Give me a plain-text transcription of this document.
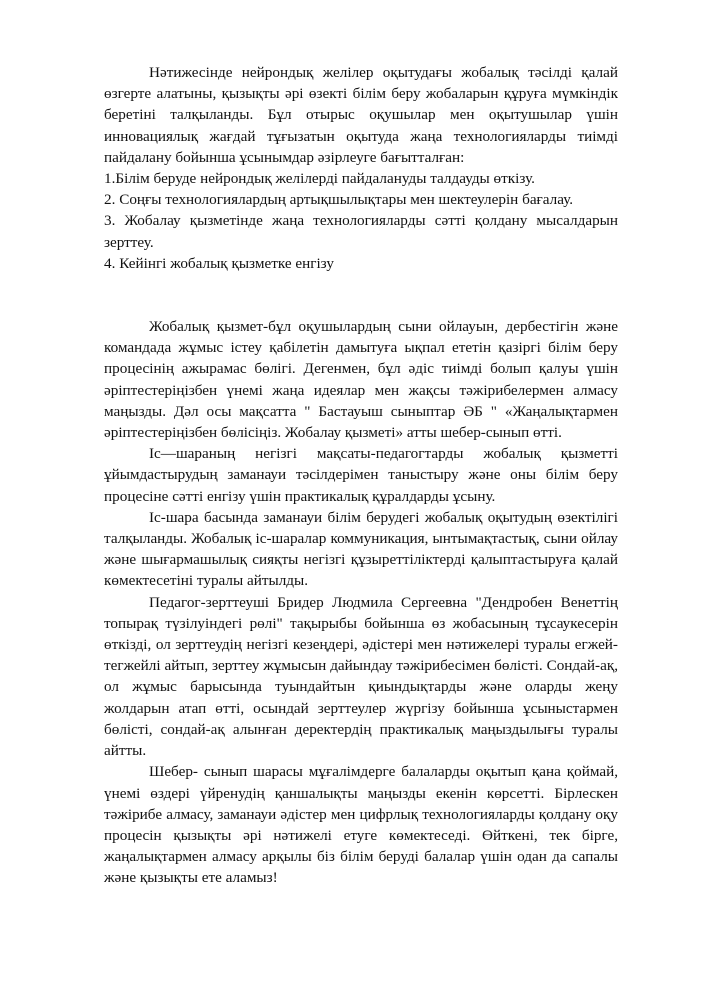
Нәтижесінде нейрондық желілер оқытудағы жобалық тәсілді қалай өзгерте алатыны, қызықты әрі өзекті білім беру жобаларын құруға мүмкіндік беретіні талқыланды. Бұл отырыс оқушылар мен оқытушылар үшін инновациялық жағдай тұғызатын оқытуда жаңа технологияларды тиімді пайдалану бойынша ұсынымдар әзірлеуге бағытталған:

1.Білім беруде нейрондық желілерді пайдалануды талдауды өткізу.

2. Соңғы технологиялардың артықшылықтары мен шектеулерін бағалау.

3. Жобалау қызметінде жаңа технологияларды сәтті қолдану мысалдарын зерттеу.

4. Кейінгі жобалық қызметке енгізу

Жобалық қызмет-бұл оқушылардың сыни ойлауын, дербестігін және командада жұмыс істеу қабілетін дамытуға ықпал ететін қазіргі білім беру процесінің ажырамас бөлігі. Дегенмен, бұл әдіс тиімді болып қалуы үшін әріптестеріңізбен үнемі жаңа идеялар мен жақсы тәжірибелермен алмасу маңызды. Дәл осы мақсатта " Бастауыш сыныптар ӘБ " «Жаңалықтармен әріптестеріңізбен бөлісіңіз. Жобалау қызметі» атты шебер-сынып өтті.

Іс—шараның негізгі мақсаты-педагогтарды жобалық қызметті ұйымдастырудың заманауи тәсілдерімен таныстыру және оны білім беру процесіне сәтті енгізу үшін практикалық құралдарды ұсыну.

Іс-шара басында заманауи білім берудегі жобалық оқытудың өзектілігі талқыланды. Жобалық іс-шаралар коммуникация, ынтымақтастық, сыни ойлау және шығармашылық сияқты негізгі құзыреттіліктерді қалыптастыруға қалай көмектесетіні туралы айтылды.

Педагог-зерттеуші Бридер Людмила Сергеевна "Дендробен Венеттің топырақ түзілуіндегі рөлі" тақырыбы бойынша өз жобасының тұсаукесерін өткізді, ол зерттеудің негізгі кезеңдері, әдістері мен нәтижелері туралы егжей-тегжейлі айтып, зерттеу жұмысын дайындау тәжірибесімен бөлісті. Сондай-ақ, ол жұмыс барысында туындайтын қиындықтарды және оларды жеңу жолдарын атап өтті, осындай зерттеулер жүргізу бойынша ұсыныстармен бөлісті, сондай-ақ алынған деректердің практикалық маңыздылығы туралы айтты.

Шебер- сынып шарасы мұғалімдерге балаларды оқытып қана қоймай, үнемі өздері үйренудің қаншалықты маңызды екенін көрсетті. Бірлескен тәжірибе алмасу, заманауи әдістер мен цифрлық технологияларды қолдану оқу процесін қызықты әрі нәтижелі етуге көмектеседі. Өйткені, тек бірге, жаңалықтармен алмасу арқылы біз білім беруді балалар үшін одан да сапалы және қызықты ете аламыз!
